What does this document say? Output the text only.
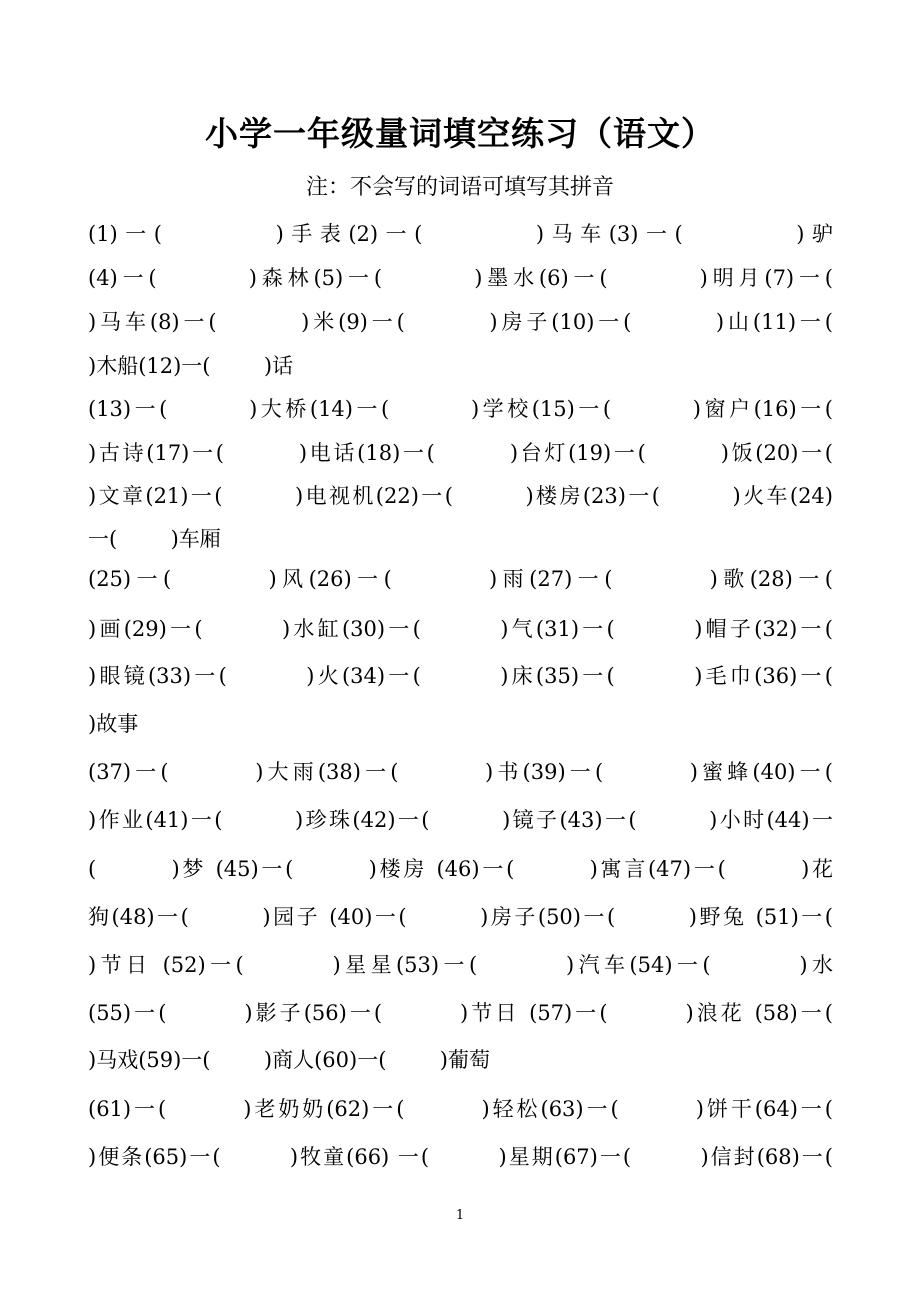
小学一年级量词填空练习（语文）
注：不会写的词语可填写其拼音
(1)一(        )手表(2)一(        )马车(3)一(        )驴
(4)一(        )森林(5)一(        )墨水(6)一(        )明月(7)一(
)马车(8)一(        )米(9)一(        )房子(10)一(        )山(11)一(
)木船(12)一(        )话
(13)一(        )大桥(14)一(        )学校(15)一(        )窗户(16)一(
)古诗(17)一(        )电话(18)一(        )台灯(19)一(        )饭(20)一(
)文章(21)一(        )电视机(22)一(        )楼房(23)一(        )火车(24)
一(        )车厢
(25)一(        )风(26)一(        )雨(27)一(        )歌(28)一(
)画(29)一(        )水缸(30)一(        )气(31)一(        )帽子(32)一(
)眼镜(33)一(        )火(34)一(        )床(35)一(        )毛巾(36)一(
)故事
(37)一(        )大雨(38)一(        )书(39)一(        )蜜蜂(40)一(
)作业(41)一(        )珍珠(42)一(        )镜子(43)一(        )小时(44)一
(        )梦 (45)一(        )楼房 (46)一(        )寓言(47)一(        )花
狗(48)一(        )园子 (40)一(        )房子(50)一(        )野兔 (51)一(
)节日 (52)一(        )星星(53)一(        )汽车(54)一(        )水
(55)一(        )影子(56)一(        )节日 (57)一(        )浪花 (58)一(
)马戏(59)一(        )商人(60)一(        )葡萄
(61)一(        )老奶奶(62)一(        )轻松(63)一(        )饼干(64)一(
)便条(65)一(        )牧童(66) 一(        )星期(67)一(        )信封(68)一(
1
